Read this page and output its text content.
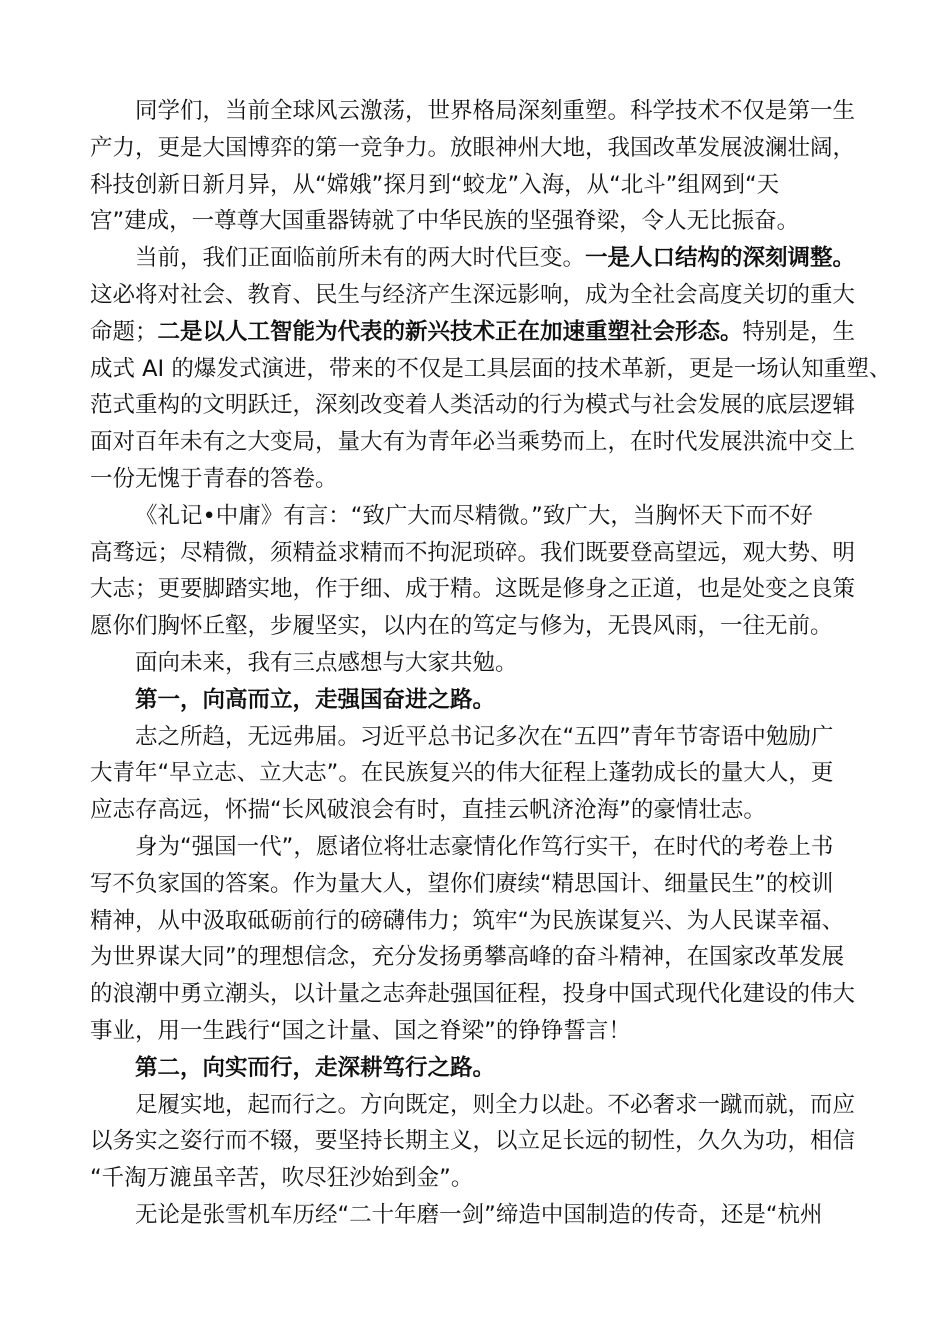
同学们，当前全球风云激荡，世界格局深刻重塑。科学技术不仅是第一生
产力，更是大国博弈的第一竞争力。放眼神州大地，我国改革发展波澜壮阔，
科技创新日新月异，从“嫦娥”探月到“蛟龙”入海，从“北斗”组网到“天
宫”建成，一尊尊大国重器铸就了中华民族的坚强脊梁，令人无比振奋。
当前，我们正面临前所未有的两大时代巨变。一是人口结构的深刻调整。
这必将对社会、教育、民生与经济产生深远影响，成为全社会高度关切的重大
命题；二是以人工智能为代表的新兴技术正在加速重塑社会形态。特别是，生
成式 AI 的爆发式演进，带来的不仅是工具层面的技术革新，更是一场认知重塑、
范式重构的文明跃迁，深刻改变着人类活动的行为模式与社会发展的底层逻辑
面对百年未有之大变局，量大有为青年必当乘势而上，在时代发展洪流中交上
一份无愧于青春的答卷。
《礼记•中庸》有言：“致广大而尽精微。”致广大，当胸怀天下而不好
高骛远；尽精微，须精益求精而不拘泥琐碎。我们既要登高望远，观大势、明
大志；更要脚踏实地，作于细、成于精。这既是修身之正道，也是处变之良策
愿你们胸怀丘壑，步履坚实，以内在的笃定与修为，无畏风雨，一往无前。
面向未来，我有三点感想与大家共勉。
第一，向高而立，走强国奋进之路。
志之所趋，无远弗届。习近平总书记多次在“五四”青年节寄语中勉励广
大青年“早立志、立大志”。在民族复兴的伟大征程上蓬勃成长的量大人，更
应志存高远，怀揣“长风破浪会有时，直挂云帆济沧海”的豪情壮志。
身为“强国一代”，愿诸位将壮志豪情化作笃行实干，在时代的考卷上书
写不负家国的答案。作为量大人，望你们赓续“精思国计、细量民生”的校训
精神，从中汲取砥砺前行的磅礴伟力；筑牢“为民族谋复兴、为人民谋幸福、
为世界谋大同”的理想信念，充分发扬勇攀高峰的奋斗精神，在国家改革发展
的浪潮中勇立潮头，以计量之志奔赴强国征程，投身中国式现代化建设的伟大
事业，用一生践行“国之计量、国之脊梁”的铮铮誓言！
第二，向实而行，走深耕笃行之路。
足履实地，起而行之。方向既定，则全力以赴。不必奢求一蹴而就，而应
以务实之姿行而不辍，要坚持长期主义，以立足长远的韧性，久久为功，相信
“千淘万漉虽辛苦，吹尽狂沙始到金”。
无论是张雪机车历经“二十年磨一剑”缔造中国制造的传奇，还是“杭州
